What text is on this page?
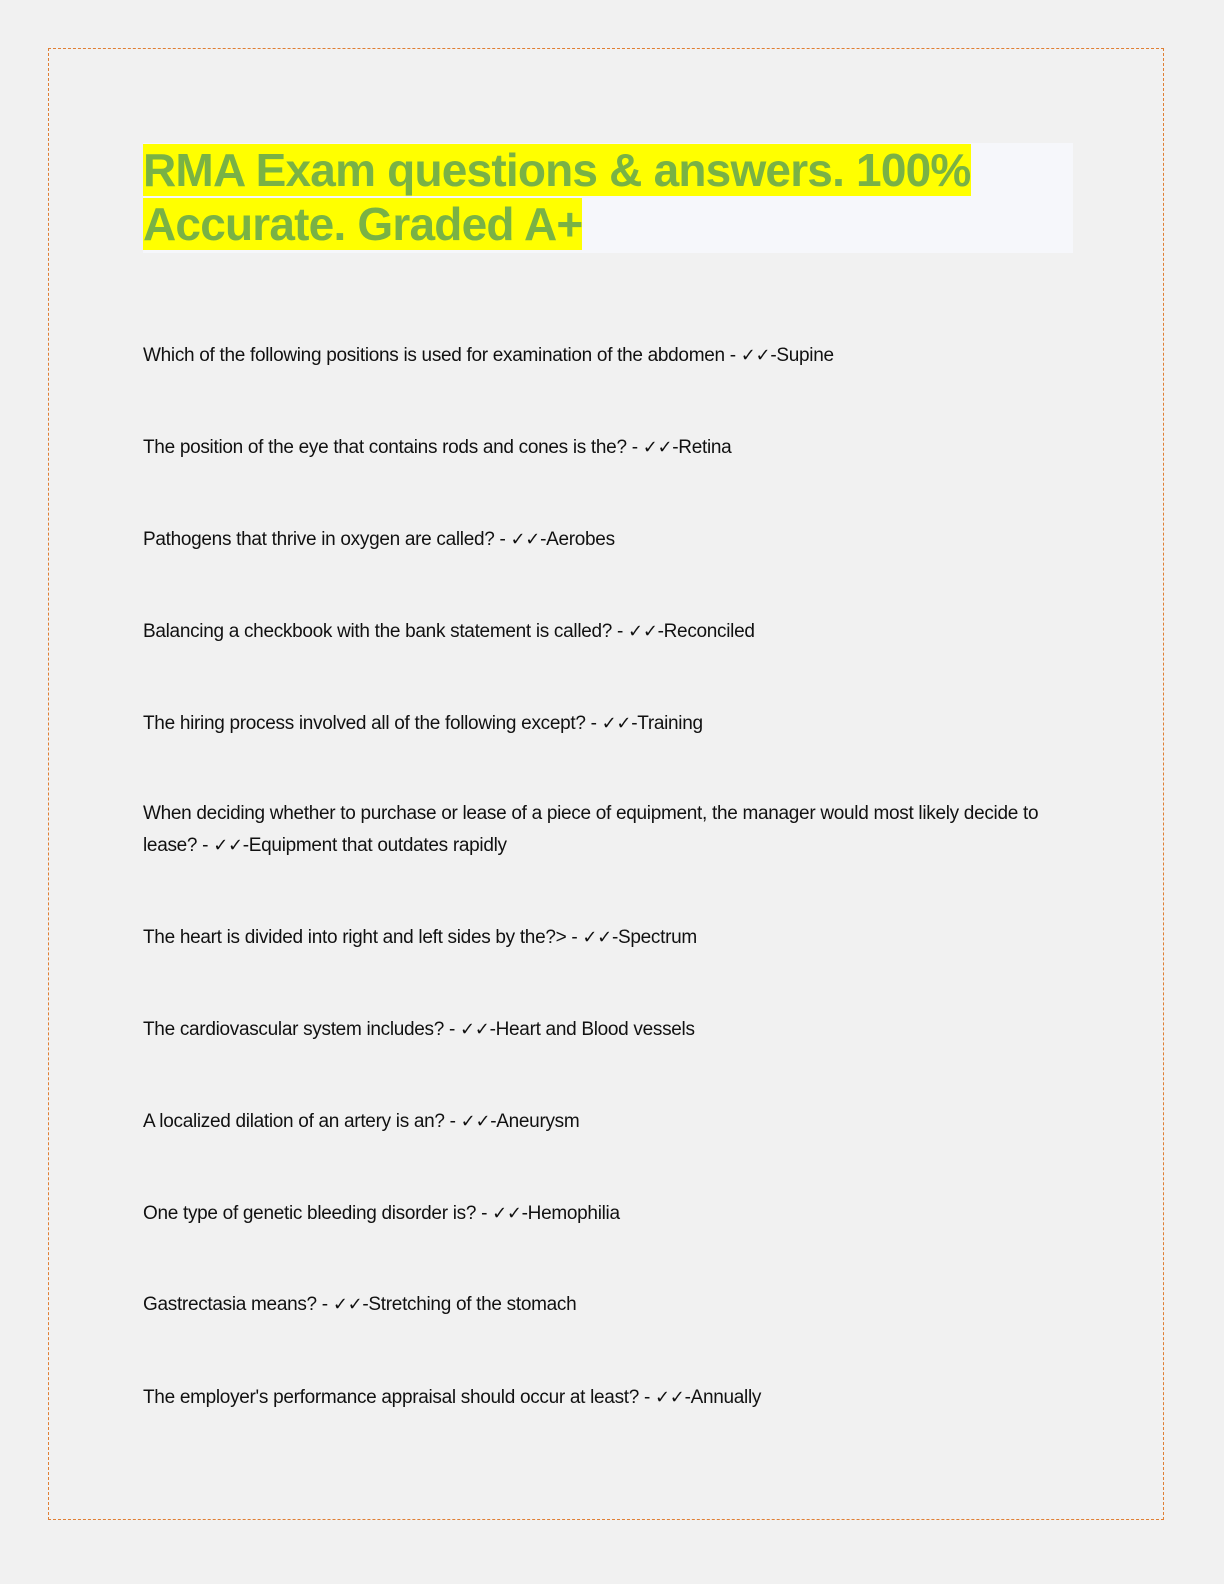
RMA Exam questions & answers. 100% Accurate. Graded A+
Which of the following positions is used for examination of the abdomen - ✓✓-Supine
The position of the eye that contains rods and cones is the? - ✓✓-Retina
Pathogens that thrive in oxygen are called? - ✓✓-Aerobes
Balancing a checkbook with the bank statement is called? - ✓✓-Reconciled
The hiring process involved all of the following except? - ✓✓-Training
When deciding whether to purchase or lease of a piece of equipment, the manager would most likely decide to lease? - ✓✓-Equipment that outdates rapidly
The heart is divided into right and left sides by the?> - ✓✓-Spectrum
The cardiovascular system includes? - ✓✓-Heart and Blood vessels
A localized dilation of an artery is an? - ✓✓-Aneurysm
One type of genetic bleeding disorder is? - ✓✓-Hemophilia
Gastrectasia means? - ✓✓-Stretching of the stomach
The employer's performance appraisal should occur at least? - ✓✓-Annually
